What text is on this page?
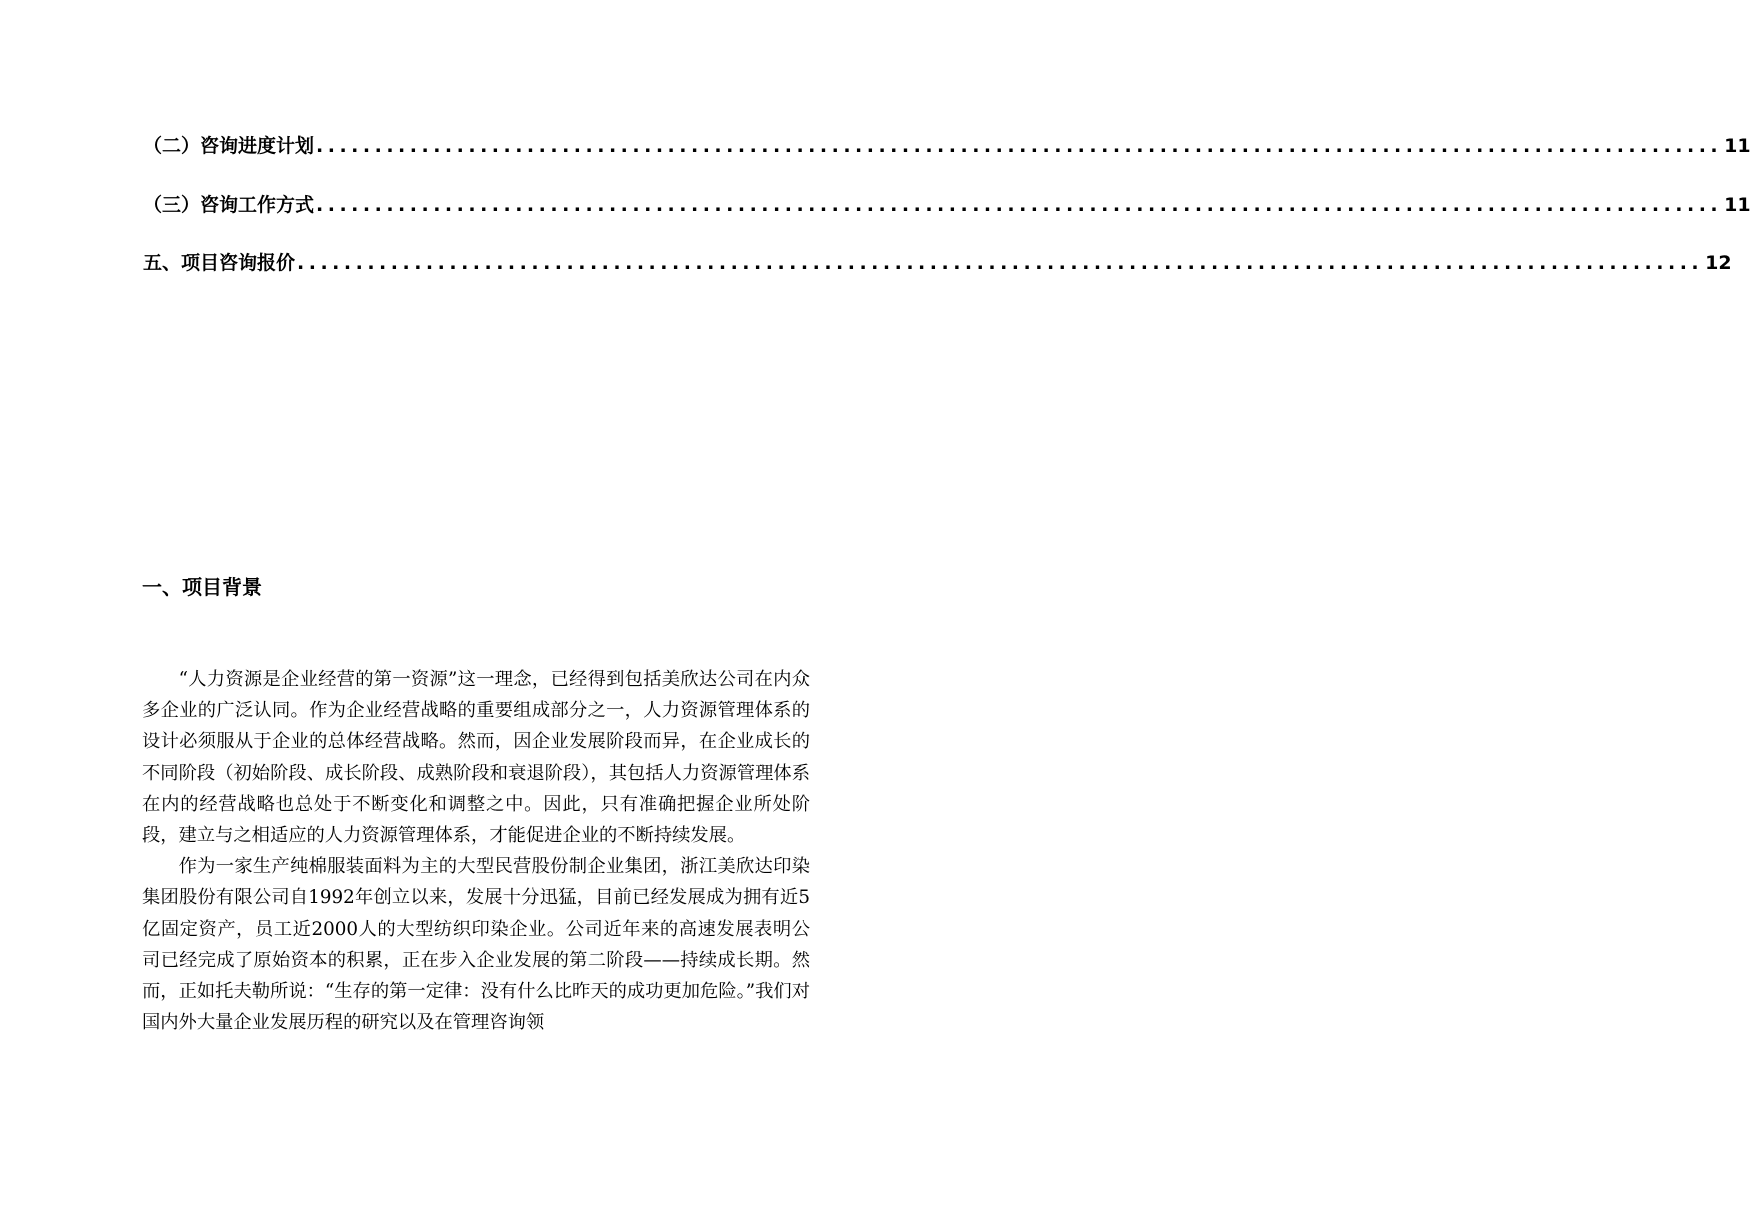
（二）咨询进度计划 ........................................................................................................................ 11
（三）咨询工作方式 ........................................................................................................................ 11
五、项目咨询报价 ........................................................................................................................ 12
一、项目背景

“人力资源是企业经营的第一资源”这一理念，已经得到包括美欣达公司在内众多企业的广泛认同。作为企业经营战略的重要组成部分之一，人力资源管理体系的设计必须服从于企业的总体经营战略。然而，因企业发展阶段而异，在企业成长的不同阶段（初始阶段、成长阶段、成熟阶段和衰退阶段），其包括人力资源管理体系在内的经营战略也总处于不断变化和调整之中。因此，只有准确把握企业所处阶段，建立与之相适应的人力资源管理体系，才能促进企业的不断持续发展。

作为一家生产纯棉服装面料为主的大型民营股份制企业集团，浙江美欣达印染集团股份有限公司自1992年创立以来，发展十分迅猛，目前已经发展成为拥有近5亿固定资产，员工近2000人的大型纺织印染企业。公司近年来的高速发展表明公司已经完成了原始资本的积累，正在步入企业发展的第二阶段——持续成长期。然而，正如托夫勒所说：“生存的第一定律：没有什么比昨天的成功更加危险。”我们对国内外大量企业发展历程的研究以及在管理咨询领
